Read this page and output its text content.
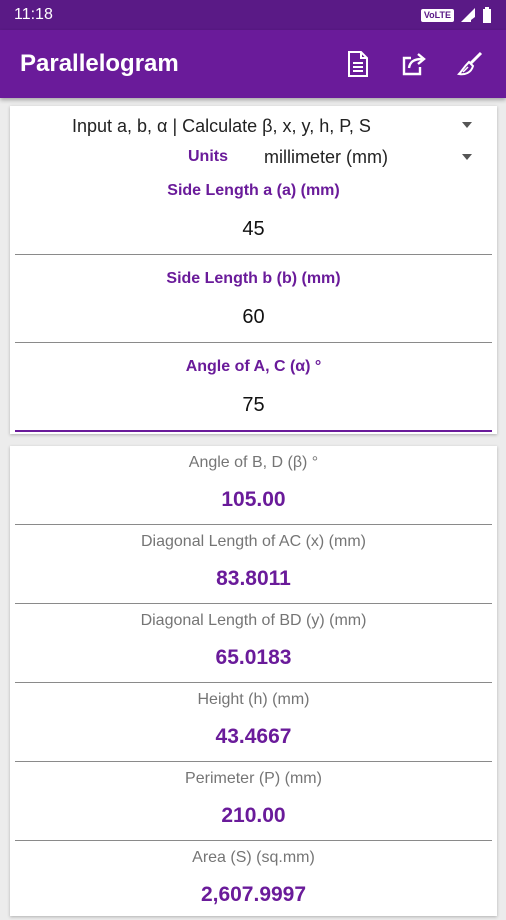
11:18	VoLTE
Parallelogram
Input a, b, α | Calculate β, x, y, h, P, S
Units millimeter (mm)
Side Length a (a) (mm)
45
Side Length b (b) (mm)
60
Angle of A, C (α) °
75
Angle of B, D (β) °
105.00
Diagonal Length of AC (x) (mm)
83.8011
Diagonal Length of BD (y) (mm)
65.0183
Height (h) (mm)
43.4667
Perimeter (P) (mm)
210.00
Area (S) (sq.mm)
2,607.9997
